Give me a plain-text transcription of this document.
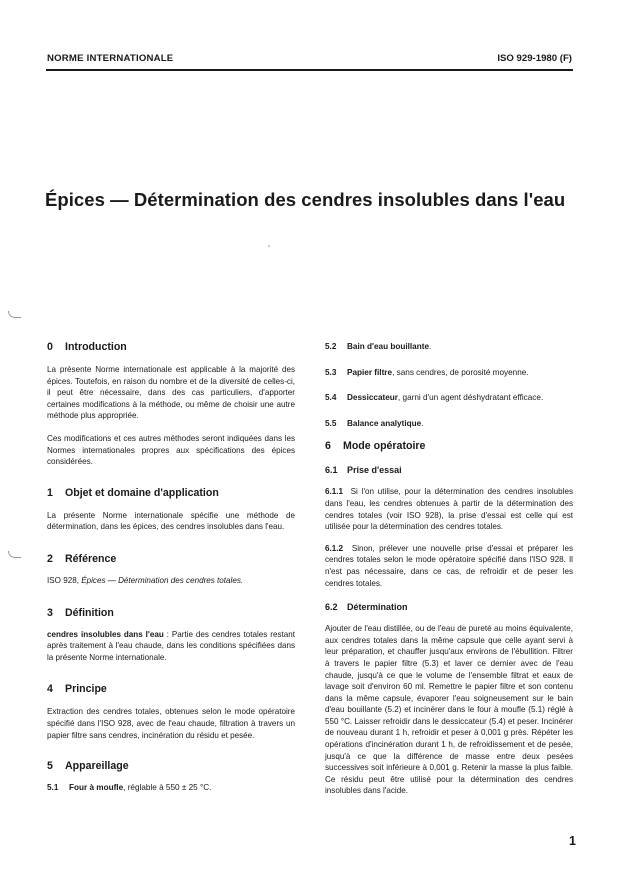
NORME INTERNATIONALE	ISO 929-1980 (F)
Épices — Détermination des cendres insolubles dans l'eau
0 Introduction

La présente Norme internationale est applicable à la majorité des épices. Toutefois, en raison du nombre et de la diversité de celles-ci, il peut être nécessaire, dans des cas particuliers, d'apporter certaines modifications à la méthode, ou même de choisir une autre méthode plus appropriée.

Ces modifications et ces autres méthodes seront indiquées dans les Normes internationales propres aux spécifications des épices considérées.

1 Objet et domaine d'application

La présente Norme internationale spécifie une méthode de détermination, dans les épices, des cendres insolubles dans l'eau.

2 Référence

ISO 928, Épices — Détermination des cendres totales.

3 Définition

cendres insolubles dans l'eau : Partie des cendres totales restant après traitement à l'eau chaude, dans les conditions spécifiées dans la présente Norme internationale.

4 Principe

Extraction des cendres totales, obtenues selon le mode opératoire spécifié dans l'ISO 928, avec de l'eau chaude, filtration à travers un papier filtre sans cendres, incinération du résidu et pesée.

5 Appareillage
5.1 Four à moufle, réglable à 550 ± 25 °C.
5.2 Bain d'eau bouillante.
5.3 Papier filtre, sans cendres, de porosité moyenne.
5.4 Dessiccateur, garni d'un agent déshydratant efficace.
5.5 Balance analytique.
6 Mode opératoire
6.1 Prise d'essai

6.1.1 Si l'on utilise, pour la détermination des cendres insolubles dans l'eau, les cendres obtenues à partir de la détermination des cendres totales (voir ISO 928), la prise d'essai est celle qui est utilisée pour la détermination des cendres totales.

6.1.2 Sinon, prélever une nouvelle prise d'essai et préparer les cendres totales selon le mode opératoire spécifié dans l'ISO 928. Il n'est pas nécessaire, dans ce cas, de refroidir et de peser les cendres totales.

6.2 Détermination

Ajouter de l'eau distillée, ou de l'eau de pureté au moins équivalente, aux cendres totales dans la même capsule que celle ayant servi à leur préparation, et chauffer jusqu'aux environs de l'ébullition. Filtrer à travers le papier filtre (5.3) et laver ce dernier avec de l'eau chaude, jusqu'à ce que le volume de l'ensemble filtrat et eaux de lavage soit d'environ 60 ml. Remettre le papier filtre et son contenu dans la même capsule, évaporer l'eau soigneusement sur le bain d'eau bouillante (5.2) et incinérer dans le four à moufle (5.1) réglé à 550 °C. Laisser refroidir dans le dessiccateur (5.4) et peser. Incinérer de nouveau durant 1 h, refroidir et peser à 0,001 g près. Répéter les opérations d'incinération durant 1 h, de refroidissement et de pesée, jusqu'à ce que la différence de masse entre deux pesées successives soit inférieure à 0,001 g. Retenir la masse la plus faible. Ce résidu peut être utilisé pour la détermination des cendres insolubles dans l'acide.

1
